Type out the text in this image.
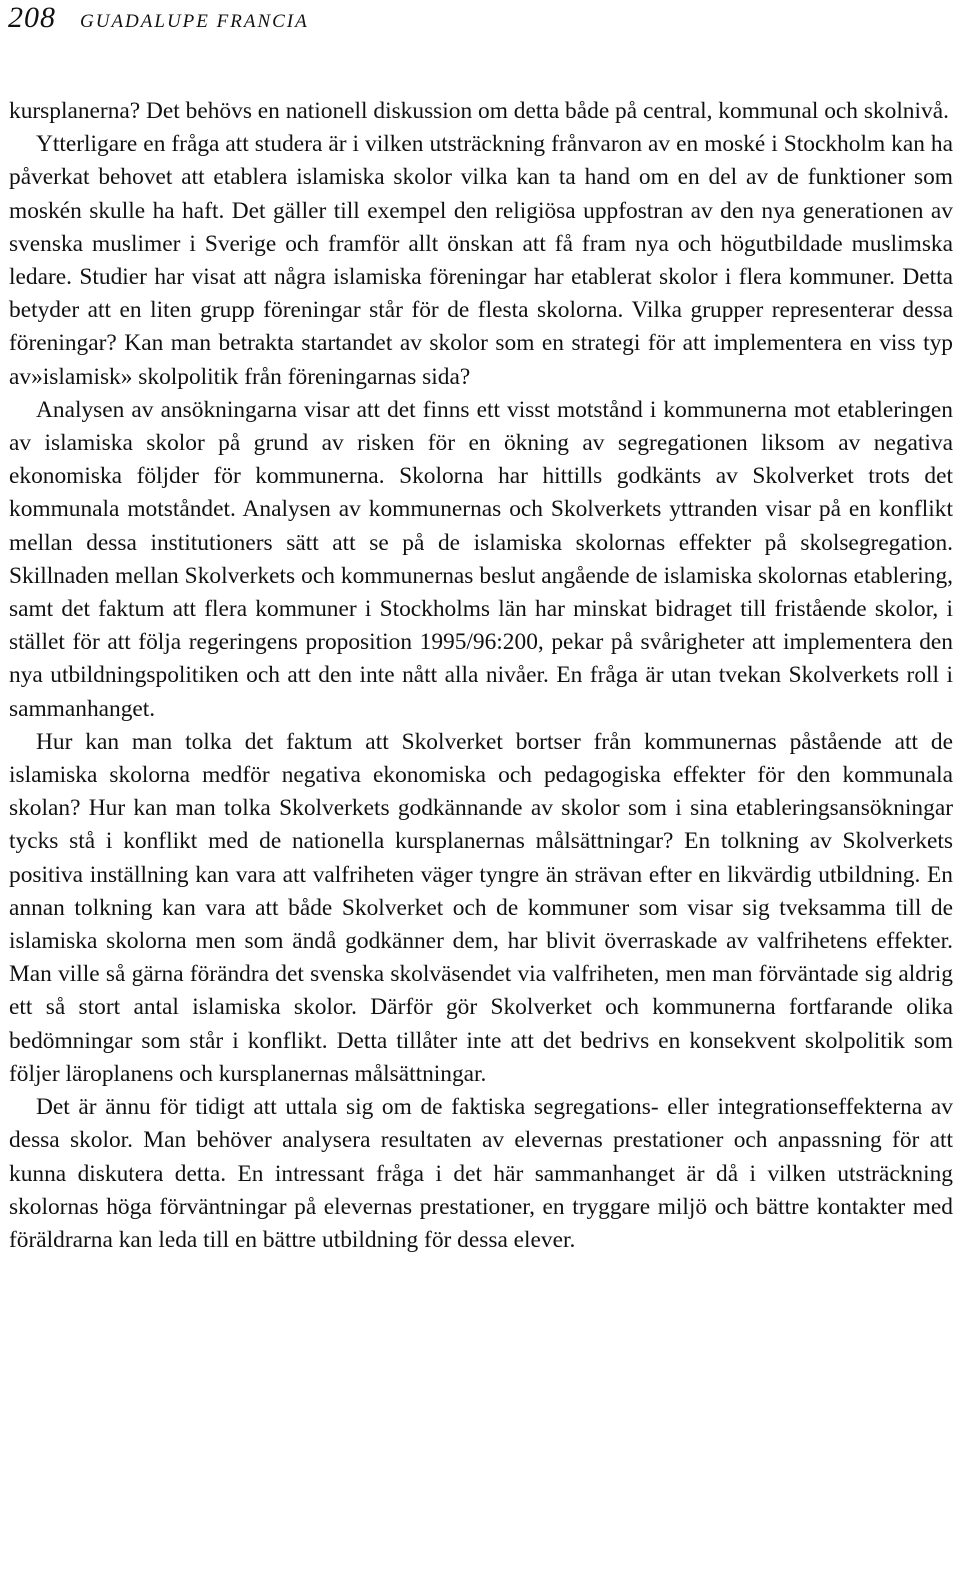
208 GUADALUPE FRANCIA

kursplanerna? Det behövs en nationell diskussion om detta både på central, kommunal och skolnivå.

Ytterligare en fråga att studera är i vilken utsträckning frånvaron av en moské i Stockholm kan ha påverkat behovet att etablera islamiska skolor vilka kan ta hand om en del av de funktioner som moskén skulle ha haft. Det gäller till exempel den religiösa uppfostran av den nya generationen av svenska muslimer i Sverige och framför allt önskan att få fram nya och högutbildade muslimska ledare. Studier har visat att några islamiska föreningar har etablerat skolor i flera kommuner. Detta betyder att en liten grupp föreningar står för de flesta skolorna. Vilka grupper representerar dessa föreningar? Kan man betrakta startandet av skolor som en strategi för att implementera en viss typ av»islamisk» skolpolitik från föreningarnas sida?

Analysen av ansökningarna visar att det finns ett visst motstånd i kommunerna mot etableringen av islamiska skolor på grund av risken för en ökning av segregationen liksom av negativa ekonomiska följder för kommunerna. Skolorna har hittills godkänts av Skolverket trots det kommunala motståndet. Analysen av kommunernas och Skolverkets yttranden visar på en konflikt mellan dessa institutioners sätt att se på de islamiska skolornas effekter på skolsegregation. Skillnaden mellan Skolverkets och kommunernas beslut angående de islamiska skolornas etablering, samt det faktum att flera kommuner i Stockholms län har minskat bidraget till fristående skolor, i stället för att följa regeringens proposition 1995/96:200, pekar på svårigheter att implementera den nya utbildningspolitiken och att den inte nått alla nivåer. En fråga är utan tvekan Skolverkets roll i sammanhanget.

Hur kan man tolka det faktum att Skolverket bortser från kommunernas påstående att de islamiska skolorna medför negativa ekonomiska och pedagogiska effekter för den kommunala skolan? Hur kan man tolka Skolverkets godkännande av skolor som i sina etableringsansökningar tycks stå i konflikt med de nationella kursplanernas målsättningar? En tolkning av Skolverkets positiva inställning kan vara att valfriheten väger tyngre än strävan efter en likvärdig utbildning. En annan tolkning kan vara att både Skolverket och de kommuner som visar sig tveksamma till de islamiska skolorna men som ändå godkänner dem, har blivit överraskade av valfrihetens effekter. Man ville så gärna förändra det svenska skolväsendet via valfriheten, men man förväntade sig aldrig ett så stort antal islamiska skolor. Därför gör Skolverket och kommunerna fortfarande olika bedömningar som står i konflikt. Detta tillåter inte att det bedrivs en konsekvent skolpolitik som följer läroplanens och kursplanernas målsättningar.

Det är ännu för tidigt att uttala sig om de faktiska segregations- eller integrationseffekterna av dessa skolor. Man behöver analysera resultaten av elevernas prestationer och anpassning för att kunna diskutera detta. En intressant fråga i det här sammanhanget är då i vilken utsträckning skolornas höga förväntningar på elevernas prestationer, en tryggare miljö och bättre kontakter med föräldrarna kan leda till en bättre utbildning för dessa elever.
